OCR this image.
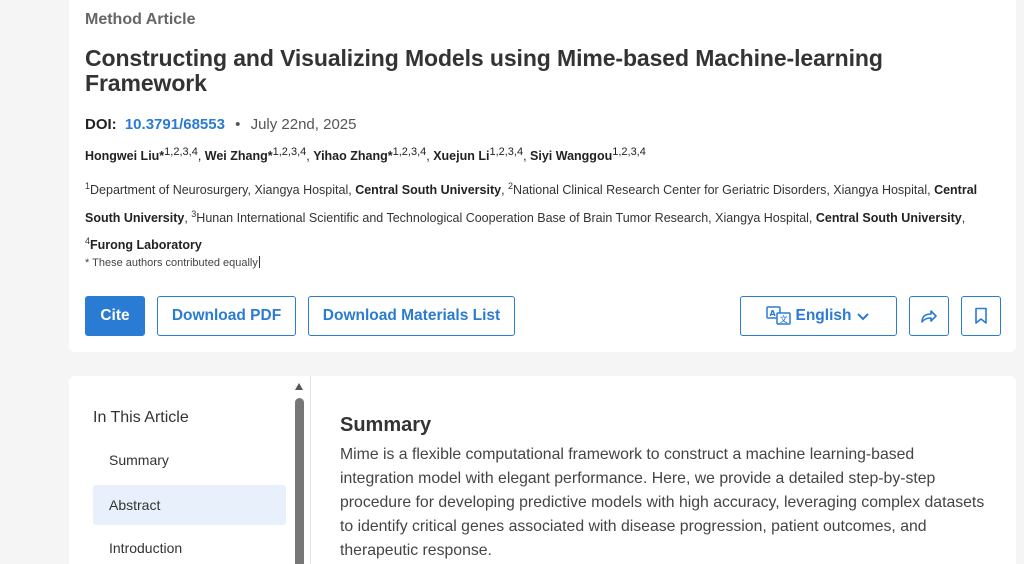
Method Article
Constructing and Visualizing Models using Mime-based Machine-learning Framework
DOI: 10.3791/68553 • July 22nd, 2025
Hongwei Liu*$^{1,2,3,4}$, Wei Zhang*$^{1,2,3,4}$, Yihao Zhang*$^{1,2,3,4}$, Xuejun Li$^{1,2,3,4}$, Siyi Wanggou$^{1,2,3,4}$
$^1$Department of Neurosurgery, Xiangya Hospital, Central South University, $^2$National Clinical Research Center for Geriatric Disorders, Xiangya Hospital, Central South University, $^3$Hunan International Scientific and Technological Cooperation Base of Brain Tumor Research, Xiangya Hospital, Central South University, $^4$Furong Laboratory
* These authors contributed equally
Cite	Download PDF	Download Materials List	A
文 English
In This Article
Summary
Abstract
Introduction
Summary

Mime is a flexible computational framework to construct a machine learning-based integration model with elegant performance. Here, we provide a detailed step-by-step procedure for developing predictive models with high accuracy, leveraging complex datasets to identify critical genes associated with disease progression, patient outcomes, and therapeutic response.
